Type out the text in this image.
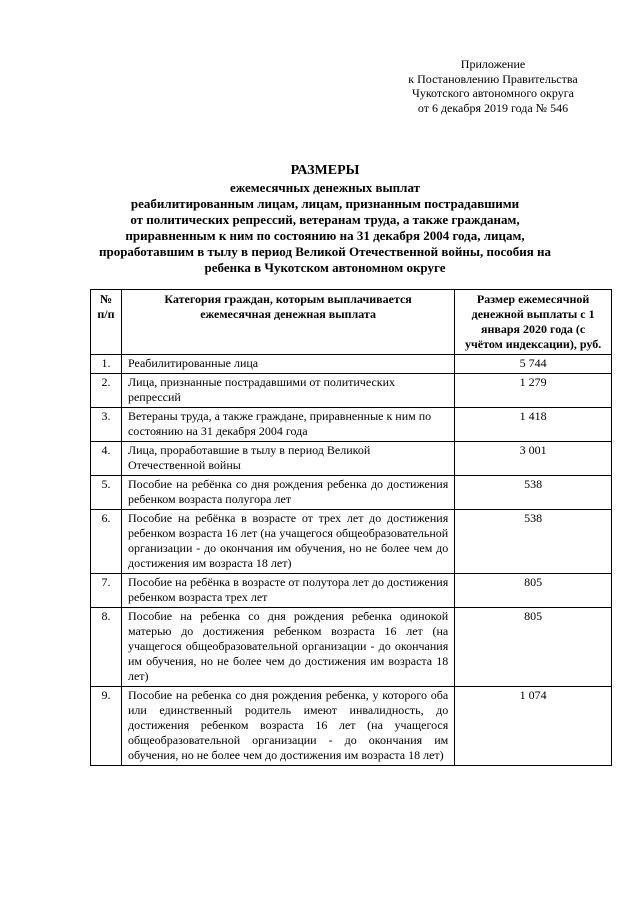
Приложение
к Постановлению Правительства
Чукотского автономного округа
от 6 декабря 2019 года № 546
РАЗМЕРЫ
ежемесячных денежных выплат
реабилитированным лицам, лицам, признанным пострадавшими
от политических репрессий, ветеранам труда, а также гражданам,
приравненным к ним по состоянию на 31 декабря 2004 года, лицам,
проработавшим в тылу в период Великой Отечественной войны, пособия на
ребенка в Чукотском автономном округе
№ п/п	Категория граждан, которым выплачивается ежемесячная денежная выплата	Размер ежемесячной денежной выплаты с 1 января 2020 года (с учётом индексации), руб.
1.	Реабилитированные лица	5 744
2.	Лица, признанные пострадавшими от политических репрессий	1 279
3.	Ветераны труда, а также граждане, приравненные к ним по состоянию на 31 декабря 2004 года	1 418
4.	Лица, проработавшие в тылу в период Великой Отечественной войны	3 001
5.	Пособие на ребёнка со дня рождения ребенка до достижения ребенком возраста полугора лет	538
6.	Пособие на ребёнка в возрасте от трех лет до достижения ребенком возраста 16 лет (на учащегося общеобразовательной организации - до окончания им обучения, но не более чем до достижения им возраста 18 лет)	538
7.	Пособие на ребёнка в возрасте от полутора лет до достижения ребенком возраста трех лет	805
8.	Пособие на ребенка со дня рождения ребенка одинокой матерью до достижения ребенком возраста 16 лет (на учащегося общеобразовательной организации - до окончания им обучения, но не более чем до достижения им возраста 18 лет)	805
9.	Пособие на ребенка со дня рождения ребенка, у которого оба или единственный родитель имеют инвалидность, до достижения ребенком возраста 16 лет (на учащегося общеобразовательной организации - до окончания им обучения, но не более чем до достижения им возраста 18 лет)	1 074
